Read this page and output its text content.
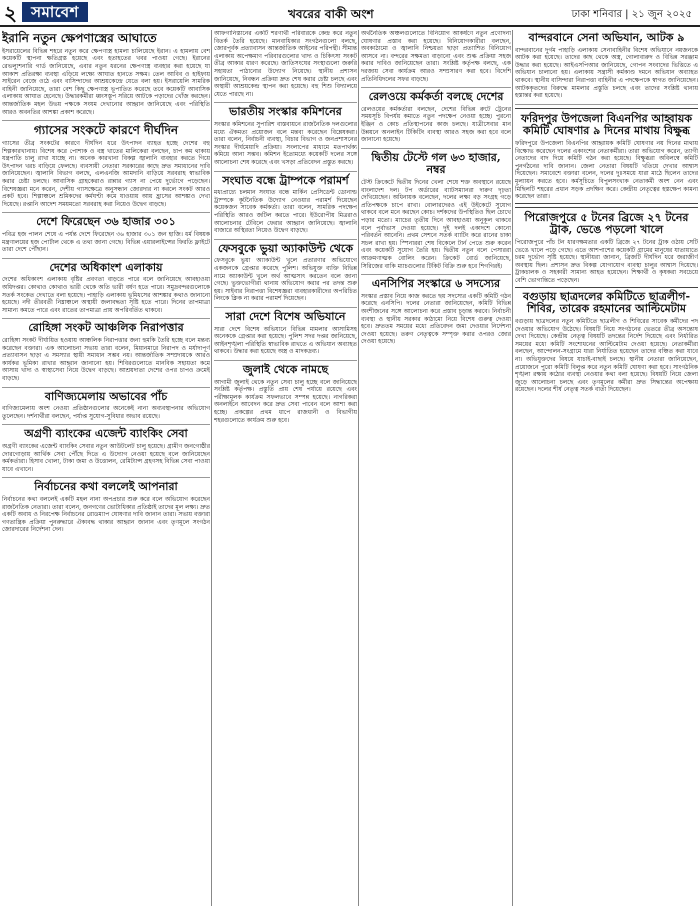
২ সমাবেশ	খবরের বাকী অংশ	ঢাকা শনিবার ‍‍| ২১ জুন ২০২৫
ইরানি নতুন ক্ষেপণাস্ত্রের আঘাতে

ইসরায়েলের বিভিন্ন শহরে নতুন করে ক্ষেপণাস্ত্র হামলা চালিয়েছে ইরান। এ হামলায় বেশ কয়েকটি স্থাপনা ক্ষতিগ্রস্ত হয়েছে এবং হতাহতের খবর পাওয়া গেছে। ইরানের রেভল্যুশনারি গার্ড জানিয়েছে, এবার নতুন ধরনের ক্ষেপণাস্ত্র ব্যবহার করা হয়েছে যা আকাশ প্রতিরক্ষা ব্যবস্থা এড়িয়ে লক্ষ্যে আঘাত হানতে সক্ষম। তেল আবিব ও হাইফায় সাইরেন বেজে ওঠে এবং বাসিন্দাদের আশ্রয়কেন্দ্রে যেতে বলা হয়। ইসরায়েলি সামরিক বাহিনী জানিয়েছে, তারা বেশ কিছু ক্ষেপণাস্ত্র ভূপাতিত করেছে তবে কয়েকটি আবাসিক এলাকায় আঘাত হেনেছে। উদ্ধারকর্মীরা ধ্বংসস্তূপ সরিয়ে আটকে পড়াদের খোঁজ করছেন। আন্তর্জাতিক মহল উভয় পক্ষকে সংযম দেখানোর আহ্বান জানিয়েছে এবং পরিস্থিতি আরও অবনতির আশঙ্কা প্রকাশ করেছে।

গ্যাসের সংকটে কারণে দীর্ঘদিন

গ্যাসের তীব্র সংকটের কারণে দীর্ঘদিন ধরে উৎপাদন ব্যাহত হচ্ছে দেশের বহু শিল্পকারখানায়। বিশেষ করে পোশাক ও বস্ত্র খাতের মালিকেরা বলছেন, চাপ কম থাকায় যন্ত্রপাতি চালু রাখা যাচ্ছে না। অনেক কারখানা বিকল্প জ্বালানি ব্যবহার করতে গিয়ে উৎপাদন খরচ বাড়িয়ে ফেলছে। ব্যবসায়ী নেতারা সরকারের কাছে দ্রুত সমাধানের দাবি জানিয়েছেন। জ্বালানি বিভাগ বলছে, এলএনজি আমদানি বাড়িয়ে সরবরাহ স্বাভাবিক করার চেষ্টা চলছে। আবাসিক গ্রাহকেরাও রান্নার গ্যাস না পেয়ে দুর্ভোগে পড়েছেন। বিশেষজ্ঞরা মনে করেন, দেশীয় গ্যাসক্ষেত্রে অনুসন্ধান জোরদার না করলে সংকট আরও প্রকট হবে। শিল্পাঞ্চলে শ্রমিকদের কর্মঘণ্টা কমে যাওয়ায় আয় হ্রাসের আশঙ্কাও দেখা দিয়েছে। রপ্তানি আদেশ সময়মতো সরবরাহ করা নিয়েও উদ্বেগ বাড়ছে।

দেশে ফিরেছেন ৩৬ হাজার ৩০১

পবিত্র হজ পালন শেষে এ পর্যন্ত দেশে ফিরেছেন ৩৬ হাজার ৩০১ জন হাজি। ধর্ম বিষয়ক মন্ত্রণালয়ের হজ পোর্টাল থেকে এ তথ্য জানা গেছে। বিভিন্ন এয়ারলাইন্সের ফিরতি ফ্লাইটে তারা দেশে পৌঁছান।

দেশের অধিকাংশ এলাকায়

দেশের অধিকাংশ এলাকায় বৃষ্টির প্রবণতা বাড়তে পারে বলে জানিয়েছে আবহাওয়া অধিদপ্তর। কোথাও কোথাও ভারী থেকে অতি ভারী বর্ষণ হতে পারে। সমুদ্রবন্দরগুলোকে সতর্ক সংকেত দেখাতে বলা হয়েছে। পাহাড়ি এলাকায় ভূমিধসের আশঙ্কার কথাও জানানো হয়েছে। নদী তীরবর্তী নিম্নাঞ্চলে অস্থায়ী জলাবদ্ধতা সৃষ্টি হতে পারে। দিনের তাপমাত্রা সামান্য কমতে পারে এবং রাতের তাপমাত্রা প্রায় অপরিবর্তিত থাকবে।

রোহিঙ্গা সংকট আঞ্চলিক নিরাপত্তার

রোহিঙ্গা সংকট দীর্ঘায়িত হওয়ায় আঞ্চলিক নিরাপত্তার জন্য হুমকি তৈরি হচ্ছে বলে মন্তব্য করেছেন বক্তারা। এক আলোচনা সভায় তারা বলেন, মিয়ানমারে নিরাপদ ও মর্যাদাপূর্ণ প্রত্যাবাসন ছাড়া এ সমস্যার স্থায়ী সমাধান সম্ভব নয়। আন্তর্জাতিক সম্প্রদায়কে আরও কার্যকর ভূমিকা রাখার আহ্বান জানানো হয়। শিবিরগুলোতে মানবিক সহায়তা কমে আসায় খাদ্য ও স্বাস্থ্যসেবা নিয়ে উদ্বেগ বাড়ছে। আশ্রয়দাতা দেশের ওপর চাপও ক্রমেই বাড়ছে।

বাণিজ্যমেলায় অভাবের পাঁচ

বাণিজ্যমেলায় অংশ নেওয়া প্রতিষ্ঠানগুলোর অনেকেই নানা অব্যবস্থাপনার অভিযোগ তুলেছেন। দর্শনার্থীরা বলছেন, পর্যাপ্ত সুযোগ-সুবিধার অভাব রয়েছে।

অগ্রণী ব্যাংকের এজেন্ট ব্যাংকিং সেবা

অগ্রণী ব্যাংকের এজেন্ট ব্যাংকিং সেবার নতুন আউটলেট চালু হয়েছে। গ্রামীণ জনগোষ্ঠীর দোরগোড়ায় আর্থিক সেবা পৌঁছে দিতে এ উদ্যোগ নেওয়া হয়েছে বলে জানিয়েছেন কর্মকর্তারা। হিসাব খোলা, টাকা জমা ও উত্তোলন, রেমিট্যান্স গ্রহণসহ বিভিন্ন সেবা পাওয়া যাবে এখানে।

নির্বাচনের কথা বললেই আপনারা

নির্বাচনের কথা বললেই একটি মহল নানা অপপ্রচার শুরু করে বলে অভিযোগ করেছেন রাজনৈতিক নেতারা। তারা বলেন, জনগণের ভোটাধিকার প্রতিষ্ঠাই তাদের মূল লক্ষ্য। দ্রুত একটি অবাধ ও নিরপেক্ষ নির্বাচনের রোডম্যাপ ঘোষণার দাবি জানান তারা। সভায় বক্তারা গণতান্ত্রিক প্রক্রিয়া পুনরুদ্ধারে ঐক্যবদ্ধ থাকার আহ্বান জানান এবং তৃণমূলে সংগঠন জোরদারের নির্দেশনা দেন।

আফগানিস্তানের একটি শরণার্থী পরিবারকে কেন্দ্র করে নতুন বিতর্ক তৈরি হয়েছে। মানবাধিকার সংগঠনগুলো বলছে, জোরপূর্বক প্রত্যাবাসন আন্তর্জাতিক আইনের পরিপন্থী। সীমান্ত এলাকায় অপেক্ষমাণ পরিবারগুলোর খাদ্য ও চিকিৎসা সংকট তীব্র আকার ধারণ করেছে। জাতিসংঘের সংস্থাগুলো জরুরি সহায়তা পাঠানোর উদ্যোগ নিয়েছে। স্থানীয় প্রশাসন জানিয়েছে, নিবন্ধন প্রক্রিয়া দ্রুত শেষ করার চেষ্টা চলছে এবং অস্থায়ী আশ্রয়কেন্দ্র স্থাপন করা হয়েছে। বহু শিশু বিদ্যালয়ে যেতে পারছে না।

ভারতীয় সংস্কার কমিশনের

সংস্কার কমিশনের সুপারিশ বাস্তবায়নে রাজনৈতিক দলগুলোর মধ্যে ঐকমত্য প্রয়োজন বলে মন্তব্য করেছেন বিশ্লেষকরা। তারা বলেন, নির্বাচনী ব্যবস্থা, বিচার বিভাগ ও জনপ্রশাসনের সংস্কার দীর্ঘমেয়াদি প্রক্রিয়া। সংলাপের মাধ্যমে মতপার্থক্য কমিয়ে আনা সম্ভব। কমিশন ইতোমধ্যে কয়েকটি দলের সঙ্গে আলোচনা শেষ করেছে এবং খসড়া প্রতিবেদন প্রস্তুত করছে।

সংঘাত বন্ধে ট্রাম্পকে পরামর্শ

মধ্যপ্রাচ্যে চলমান সংঘাত বন্ধে মার্কিন প্রেসিডেন্ট ডোনাল্ড ট্রাম্পকে কূটনৈতিক উদ্যোগ নেওয়ার পরামর্শ দিয়েছেন কয়েকজন সাবেক কর্মকর্তা। তারা বলেন, সামরিক পদক্ষেপ পরিস্থিতি আরও জটিল করতে পারে। ইউরোপীয় মিত্ররাও আলোচনার টেবিলে ফেরার আহ্বান জানিয়েছে। জ্বালানি বাজারে অস্থিরতা নিয়েও উদ্বেগ বাড়ছে।

ফেসবুকে ভুয়া অ্যাকাউন্ট থেকে

ফেসবুকে ভুয়া অ্যাকাউন্ট খুলে প্রতারণার অভিযোগে একজনকে গ্রেপ্তার করেছে পুলিশ। অভিযুক্ত ব্যক্তি বিভিন্ন নামে অ্যাকাউন্ট খুলে অর্থ আত্মসাৎ করতেন বলে জানা গেছে। ভুক্তভোগীরা থানায় অভিযোগ করার পর তদন্ত শুরু হয়। সাইবার নিরাপত্তা বিশেষজ্ঞরা ব্যবহারকারীদের অপরিচিত লিংকে ক্লিক না করার পরামর্শ দিয়েছেন।

সারা দেশে বিশেষ অভিযানে

সারা দেশে বিশেষ অভিযানে বিভিন্ন মামলার আসামিসহ অনেককে গ্রেপ্তার করা হয়েছে। পুলিশ সদর দপ্তর জানিয়েছে, আইনশৃঙ্খলা পরিস্থিতি স্বাভাবিক রাখতে এ অভিযান অব্যাহত থাকবে। উদ্ধার করা হয়েছে অস্ত্র ও মাদকদ্রব্য।

জুলাই থেকে নামছে

আগামী জুলাই থেকে নতুন সেবা চালু হচ্ছে বলে জানিয়েছে সংশ্লিষ্ট কর্তৃপক্ষ। প্রস্তুতি প্রায় শেষ পর্যায়ে রয়েছে এবং পরীক্ষামূলক কার্যক্রম সফলভাবে সম্পন্ন হয়েছে। নাগরিকরা অনলাইনে আবেদন করে দ্রুত সেবা পাবেন বলে আশা করা হচ্ছে। প্রকল্পের প্রথম ধাপে রাজধানী ও বিভাগীয় শহরগুলোতে কার্যক্রম শুরু হবে।

অর্থনৈতিক অঞ্চলগুলোতে বিনিয়োগ আকর্ষণে নতুন প্রণোদনা ঘোষণার প্রস্তাব করা হয়েছে। বিনিয়োগকারীরা বলছেন, অবকাঠামো ও জ্বালানি নিশ্চয়তা ছাড়া প্রত্যাশিত বিনিয়োগ আসবে না। বন্দরের সক্ষমতা বাড়ানো এবং শুল্ক প্রক্রিয়া সহজ করার দাবিও জানিয়েছেন তারা। সংশ্লিষ্ট কর্তৃপক্ষ বলছে, এক দরজায় সেবা কার্যক্রম আরও সম্প্রসারণ করা হবে। বিদেশি প্রতিনিধিদলের সফর বাড়ছে।

রেলওয়ে কর্মকর্তা বলছে দেশের

রেলওয়ের কর্মকর্তারা বলছেন, দেশের বিভিন্ন রুটে ট্রেনের সময়সূচি বিপর্যয় কমাতে নতুন পদক্ষেপ নেওয়া হচ্ছে। পুরনো ইঞ্জিন ও কোচ প্রতিস্থাপনের কাজ চলছে। যাত্রীসেবার মান উন্নয়নে অনলাইন টিকিটিং ব্যবস্থা আরও সহজ করা হবে বলে জানানো হয়েছে।

দ্বিতীয় টেস্টে গল ৬৩ হাজার, নম্বর

টেস্ট ক্রিকেটে দ্বিতীয় দিনের খেলা শেষে শক্ত অবস্থানে রয়েছে বাংলাদেশ দল। টপ অর্ডারের ব্যাটসম্যানরা দারুণ দৃঢ়তা দেখিয়েছেন। অধিনায়ক বলেছেন, দলের লক্ষ্য বড় সংগ্রহ গড়ে প্রতিপক্ষকে চাপে রাখা। বোলারদেরও এই উইকেটে সুযোগ থাকবে বলে মনে করছেন কোচ। দর্শকদের উপস্থিতিও ছিল চোখে পড়ার মতো। ম্যাচের তৃতীয় দিনে আবহাওয়া অনুকূল থাকবে বলে পূর্বাভাস দেওয়া হয়েছে। দুই দলই একাদশে কোনো পরিবর্তন আনেনি। প্রথম সেশনে সতর্ক ব্যাটিং করে রানের চাকা সচল রাখা হয়। স্পিনাররা শেষ বিকেলে টার্ন পেতে শুরু করেন এবং কয়েকটি সুযোগ তৈরি হয়। দ্বিতীয় নতুন বলে পেসাররা আক্রমণাত্মক বোলিং করেন। ক্রিকেট বোর্ড জানিয়েছে, সিরিজের বাকি ম্যাচগুলোর টিকিট বিক্রি শুরু হবে শিগগিরই।

এনসিপির সংস্কারে ৬ সদস্যের

সংস্কার প্রস্তাব নিয়ে কাজ করতে ছয় সদস্যের একটি কমিটি গঠন করেছে এনসিপি। দলের নেতারা জানিয়েছেন, কমিটি বিভিন্ন অংশীজনের সঙ্গে আলোচনা করে প্রস্তাব চূড়ান্ত করবে। নির্বাচনী ব্যবস্থা ও স্থানীয় সরকার কাঠামো নিয়ে বিশেষ গুরুত্ব দেওয়া হবে। দ্রুততম সময়ের মধ্যে প্রতিবেদন জমা দেওয়ার নির্দেশনা দেওয়া হয়েছে। তরুণ নেতৃত্বকে সম্পৃক্ত করার ওপরও জোর দেওয়া হয়েছে।

বান্দরবানে সেনা অভিযান, আটক ৯

বান্দরবানের দুর্গম পাহাড়ি এলাকায় সেনাবাহিনীর বিশেষ অভিযানে নয়জনকে আটক করা হয়েছে। তাদের কাছ থেকে অস্ত্র, গোলাবারুদ ও বিভিন্ন সরঞ্জাম উদ্ধার করা হয়েছে। আইএসপিআর জানিয়েছে, গোপন সংবাদের ভিত্তিতে এ অভিযান চালানো হয়। এলাকায় সন্ত্রাসী কর্মকাণ্ড দমনে অভিযান অব্যাহত থাকবে। স্থানীয় বাসিন্দারা নিরাপত্তা বাহিনীর এ পদক্ষেপকে স্বাগত জানিয়েছেন। আটককৃতদের বিরুদ্ধে মামলার প্রস্তুতি চলছে এবং তাদের সংশ্লিষ্ট থানায় হস্তান্তর করা হয়েছে।

ফরিদপুর উপজেলা বিএনপির আহ্বায়ক কমিটি ঘোষণার ৯ দিনের মাথায় বিক্ষুব্ধ

ফরিদপুরে উপজেলা বিএনপির আহ্বায়ক কমিটি ঘোষণার নয় দিনের মাথায় বিক্ষোভ করেছেন দলের একাংশের নেতাকর্মীরা। তারা অভিযোগ করেন, ত্যাগী নেতাদের বাদ দিয়ে কমিটি গঠন করা হয়েছে। বিক্ষুব্ধরা অবিলম্বে কমিটি পুনর্গঠনের দাবি জানান। জেলা নেতারা বিষয়টি খতিয়ে দেখার আশ্বাস দিয়েছেন। সমাবেশে বক্তারা বলেন, দলের দুঃসময়ে যারা মাঠে ছিলেন তাদের মূল্যায়ন করতে হবে। কর্মসূচিতে বিপুলসংখ্যক নেতাকর্মী অংশ নেন এবং মিছিলটি শহরের প্রধান সড়ক প্রদক্ষিণ করে। কেন্দ্রীয় নেতৃত্বের হস্তক্ষেপ কামনা করেছেন তারা।

পিরোজপুরে ৫ টনের ব্রিজে ২৭ টনের ট্রাক, ভেঙে পড়লো খালে

পিরোজপুরে পাঁচ টন ধারণক্ষমতার একটি ব্রিজে ২৭ টনের ট্রাক ওঠায় সেটি ভেঙে খালে পড়ে গেছে। এতে আশপাশের কয়েকটি গ্রামের মানুষের যাতায়াতে চরম দুর্ভোগ সৃষ্টি হয়েছে। স্থানীয়রা জানান, ব্রিজটি দীর্ঘদিন ধরে জরাজীর্ণ অবস্থায় ছিল। প্রশাসন দ্রুত বিকল্প যোগাযোগ ব্যবস্থা চালুর আশ্বাস দিয়েছে। ট্রাকচালক ও সহকারী সামান্য আহত হয়েছেন। শিক্ষার্থী ও কৃষকরা সবচেয়ে বেশি ভোগান্তিতে পড়েছেন।

বগুড়ায় ছাত্রদলের কমিটিতে ছাত্রলীগ-শিবির, তারেক রহমানের আল্টিমেটাম

বগুড়ায় ছাত্রদলের নতুন কমিটিতে ছাত্রলীগ ও শিবিরের সাবেক কর্মীদের পদ দেওয়ার অভিযোগ উঠেছে। বিষয়টি নিয়ে সংগঠনের ভেতরে তীব্র অসন্তোষ দেখা দিয়েছে। কেন্দ্রীয় নেতৃত্ব বিষয়টি তদন্তের নির্দেশ দিয়েছে এবং নির্ধারিত সময়ের মধ্যে কমিটি সংশোধনের আল্টিমেটাম দেওয়া হয়েছে। নেতাকর্মীরা বলছেন, আন্দোলন-সংগ্রামে যারা নির্যাতিত হয়েছেন তাদের বঞ্চিত করা যাবে না। অভিযুক্তদের বিষয়ে যাচাই-বাছাই চলছে। স্থানীয় নেতারা জানিয়েছেন, প্রয়োজনে পুরো কমিটি বিলুপ্ত করে নতুন কমিটি ঘোষণা করা হবে। সাংগঠনিক শৃঙ্খলা রক্ষায় কঠোর ব্যবস্থা নেওয়ার কথা বলা হয়েছে। বিষয়টি নিয়ে জেলা জুড়ে আলোচনা চলছে এবং তৃণমূলের কর্মীরা দ্রুত সিদ্ধান্তের অপেক্ষায় রয়েছেন। দলের শীর্ষ নেতৃত্ব সতর্ক বার্তা দিয়েছেন।
